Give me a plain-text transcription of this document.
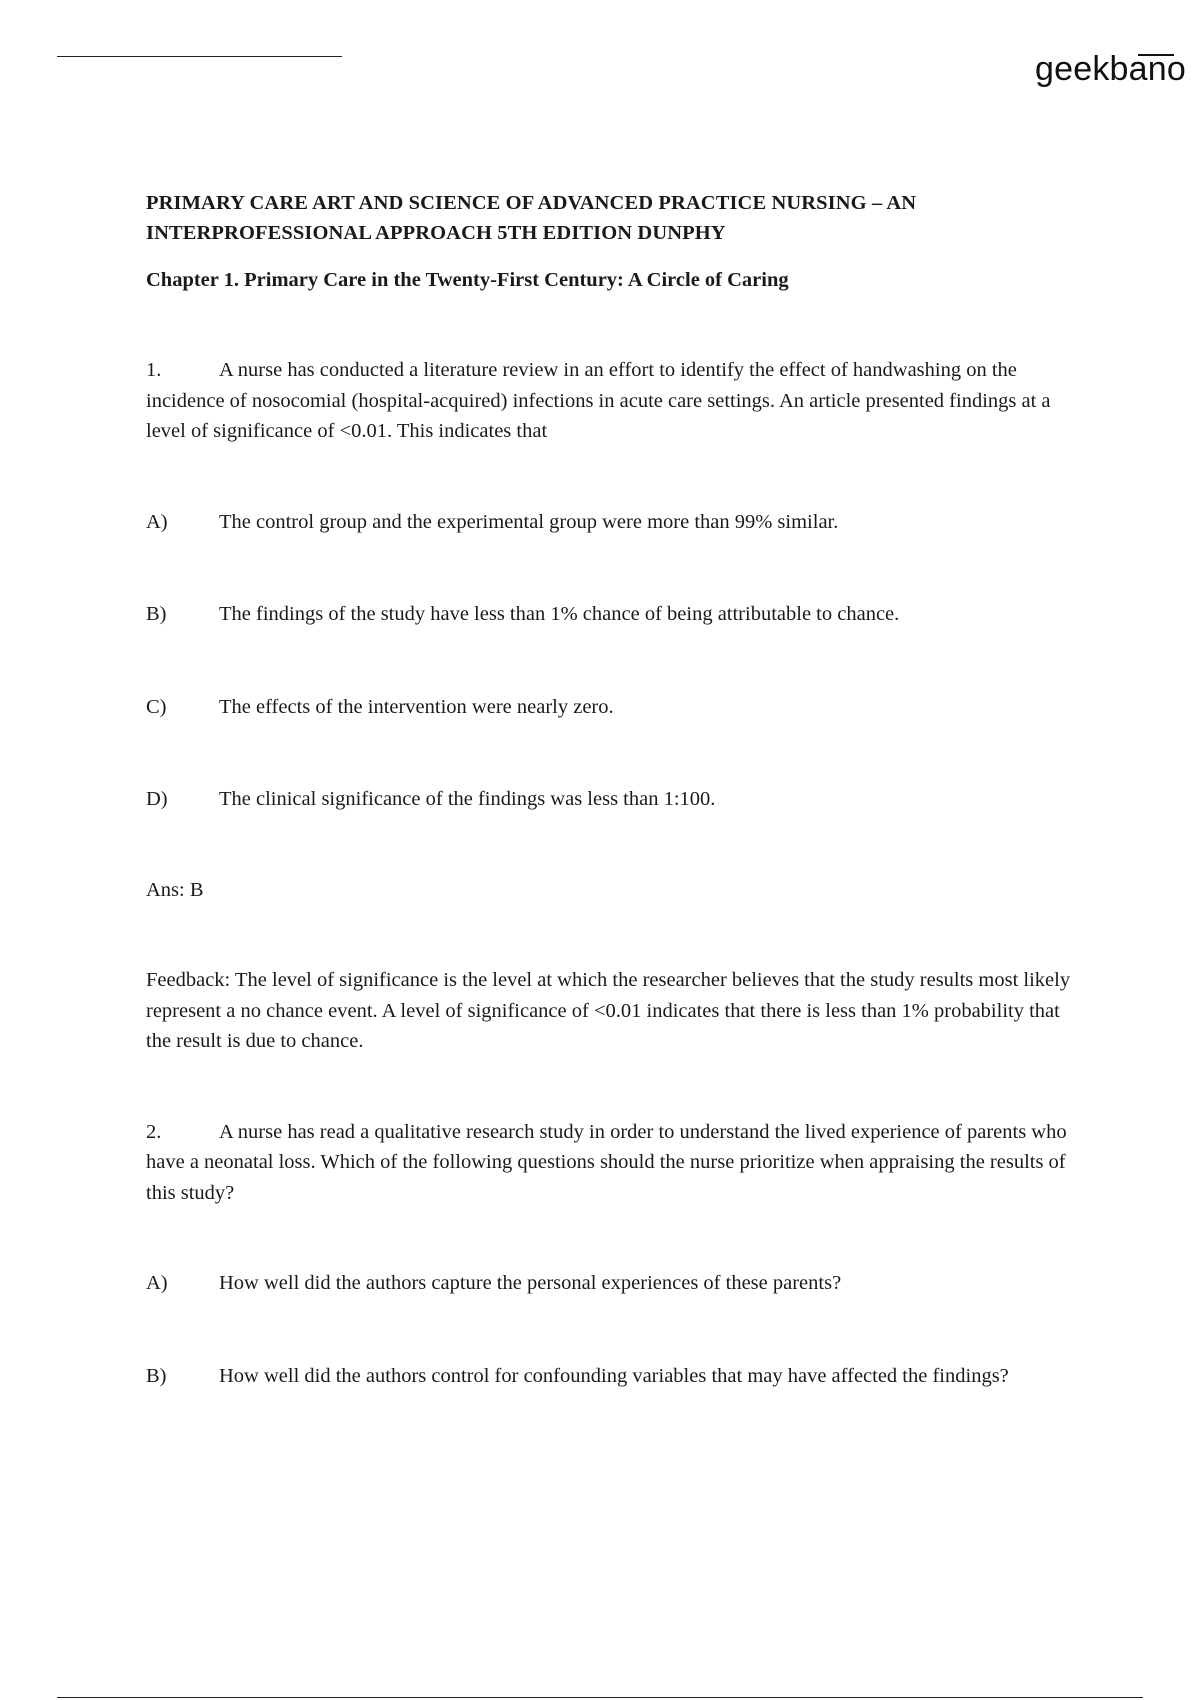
geekbano

PRIMARY CARE ART AND SCIENCE OF ADVANCED PRACTICE NURSING – AN
INTERPROFESSIONAL APPROACH 5TH EDITION DUNPHY

Chapter 1. Primary Care in the Twenty-First Century: A Circle of Caring

1.	A nurse has conducted a literature review in an effort to identify the effect of handwashing on the incidence of nosocomial (hospital-acquired) infections in acute care settings. An article presented findings at a level of significance of <0.01. This indicates that

A)	The control group and the experimental group were more than 99% similar.

B)	The findings of the study have less than 1% chance of being attributable to chance.

C)	The effects of the intervention were nearly zero.

D)	The clinical significance of the findings was less than 1:100.

Ans: B

Feedback: The level of significance is the level at which the researcher believes that the study results most likely represent a no chance event. A level of significance of <0.01 indicates that there is less than 1% probability that the result is due to chance.

2.	A nurse has read a qualitative research study in order to understand the lived experience of parents who have a neonatal loss. Which of the following questions should the nurse prioritize when appraising the results of this study?

A)	How well did the authors capture the personal experiences of these parents?

B)	How well did the authors control for confounding variables that may have affected the findings?
